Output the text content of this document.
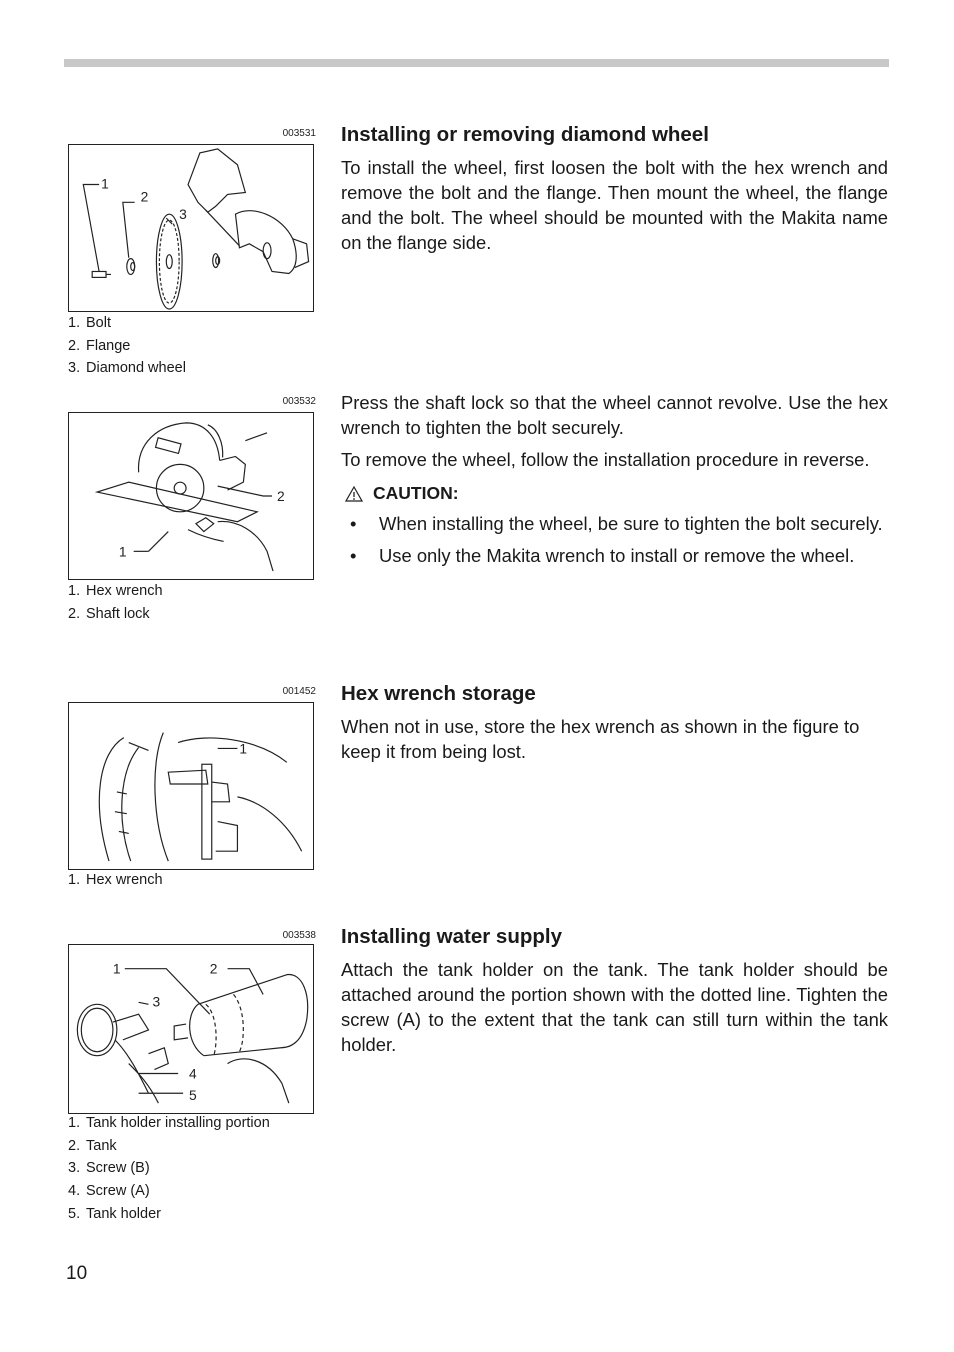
003531
1
2
3
1. Bolt
2. Flange
3. Diamond wheel
003532
2
1
1. Hex wrench
2. Shaft lock
001452
1
1. Hex wrench
003538
1	2
3
4
5
1. Tank holder installing portion
2. Tank
3. Screw (B)
4. Screw (A)
5. Tank holder
Installing or removing diamond wheel

To install the wheel, first loosen the bolt with the hex wrench and remove the bolt and the flange. Then mount the wheel, the flange and the bolt. The wheel should be mounted with the Makita name on the flange side.

Press the shaft lock so that the wheel cannot revolve. Use the hex wrench to tighten the bolt securely.

To remove the wheel, follow the installation procedure in reverse.

CAUTION:
• When installing the wheel, be sure to tighten the bolt securely.
• Use only the Makita wrench to install or remove the wheel.
Hex wrench storage

When not in use, store the hex wrench as shown in the figure to keep it from being lost.

Installing water supply

Attach the tank holder on the tank. The tank holder should be attached around the portion shown with the dotted line. Tighten the screw (A) to the extent that the tank can still turn within the tank holder.

10
